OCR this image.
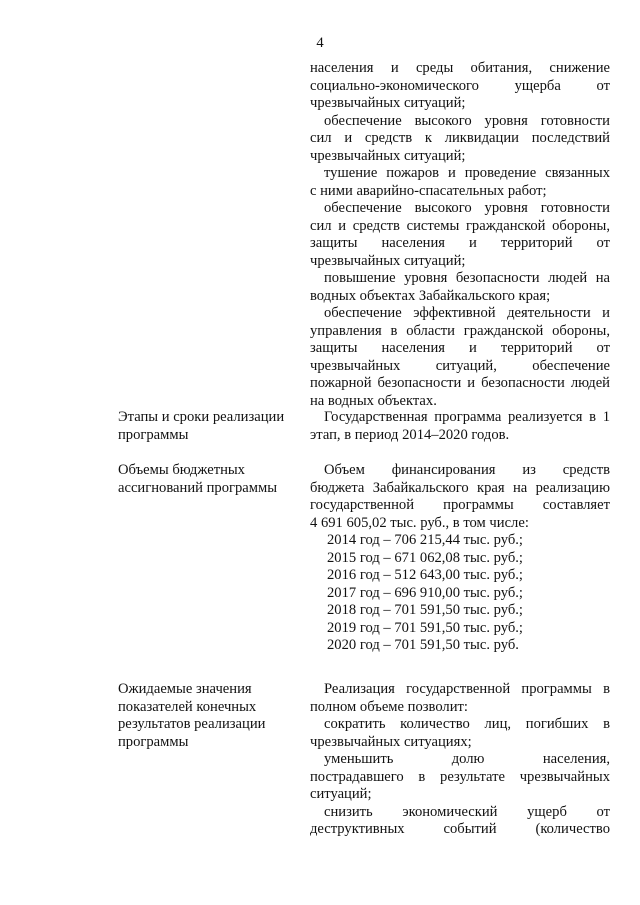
4
населения и среды обитания, снижение
социально-экономического ущерба от
чрезвычайных ситуаций;
обеспечение высокого уровня готовности
сил и средств к ликвидации последствий
чрезвычайных ситуаций;
тушение пожаров и проведение связанных
с ними аварийно-спасательных работ;
обеспечение высокого уровня готовности
сил и средств системы гражданской обороны,
защиты населения и территорий от
чрезвычайных ситуаций;
повышение уровня безопасности людей на
водных объектах Забайкальского края;
обеспечение эффективной деятельности и
управления в области гражданской обороны,
защиты населения и территорий от
чрезвычайных ситуаций, обеспечение
пожарной безопасности и безопасности людей
на водных объектах.
Этапы и сроки реализации
программы
Государственная программа реализуется в 1
этап, в период 2014–2020 годов.
Объемы бюджетных
ассигнований программы
Объем финансирования из средств
бюджета Забайкальского края на реализацию
государственной программы составляет
4 691 605,02 тыс. руб., в том числе:
2014 год – 706 215,44 тыс. руб.;
2015 год – 671 062,08 тыс. руб.;
2016 год – 512 643,00 тыс. руб.;
2017 год – 696 910,00 тыс. руб.;
2018 год – 701 591,50 тыс. руб.;
2019 год – 701 591,50 тыс. руб.;
2020 год – 701 591,50 тыс. руб.
Ожидаемые значения
показателей конечных
результатов реализации
программы
Реализация государственной программы в
полном объеме позволит:
сократить количество лиц, погибших в
чрезвычайных ситуациях;
уменьшить долю населения,
пострадавшего в результате чрезвычайных
ситуаций;
снизить экономический ущерб от
деструктивных событий (количество
